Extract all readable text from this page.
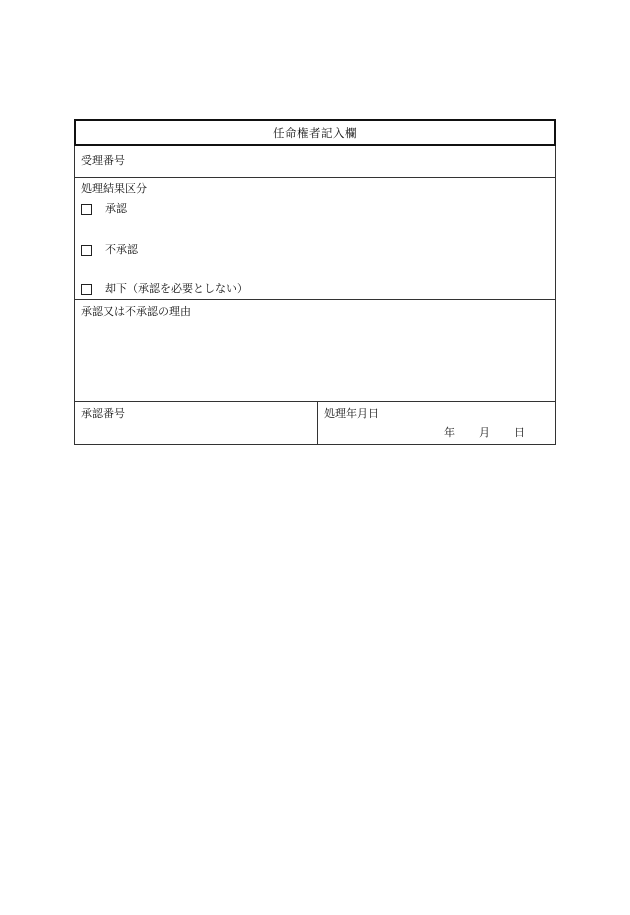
任命権者記入欄
受理番号
処理結果区分
承認
不承認
却下（承認を必要としない）
承認又は不承認の理由
承認番号	処理年月日
年 月 日
